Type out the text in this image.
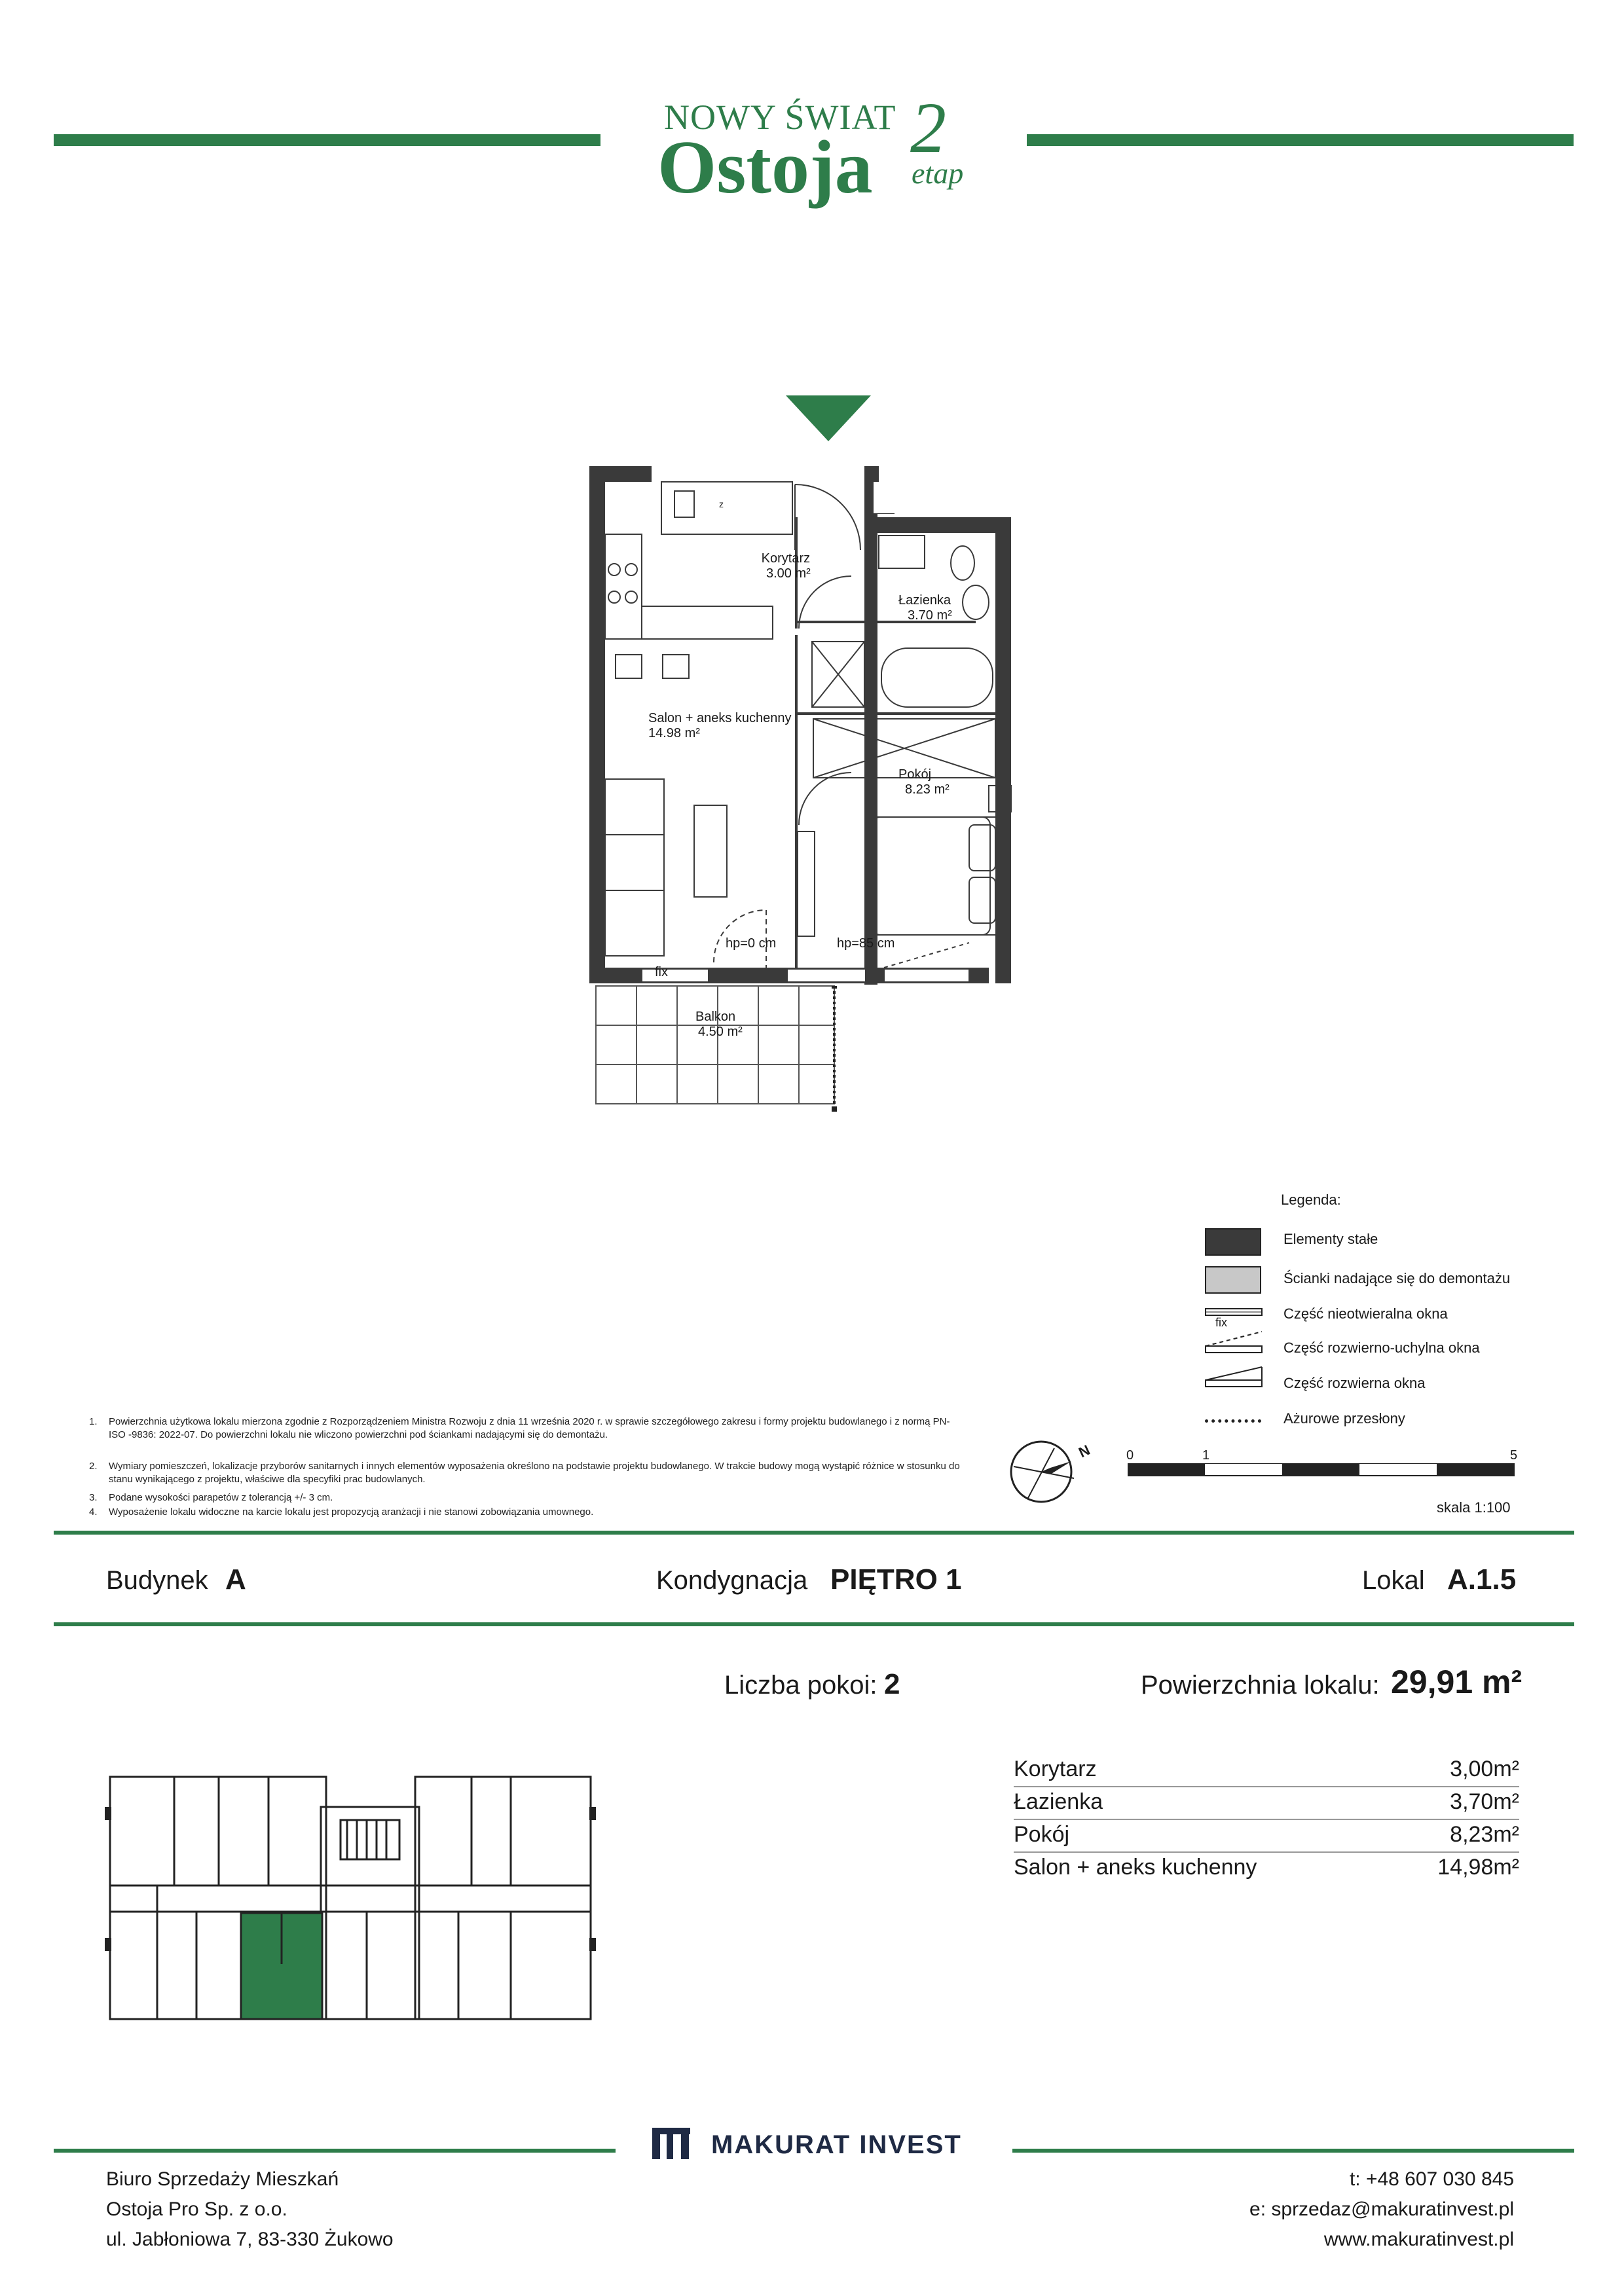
NOWY ŚWIAT
Ostoja 2
etap
Korytarz
3.00 m²
Łazienka
3.70 m²
Salon + aneks kuchenny
14.98 m²
Pokój
8.23 m²
Balkon
4.50 m²
hp=0 cm	hp=85 cm
fix
z
Legenda:
Elementy stałe
Ścianki nadające się do demontażu
fix
Część nieotwieralna okna
Część rozwierno-uchylna okna
Część rozwierna okna
Ażurowe przesłony
1. Powierzchnia użytkowa lokalu mierzona zgodnie z Rozporządzeniem Ministra Rozwoju z dnia 11 września 2020 r. w sprawie szczegółowego zakresu i formy projektu budowlanego i z normą PN-ISO -9836: 2022-07. Do powierzchni lokalu nie wliczono powierzchni pod ściankami nadającymi się do demontażu.
2. Wymiary pomieszczeń, lokalizacje przyborów sanitarnych i innych elementów wyposażenia określono na podstawie projektu budowlanego. W trakcie budowy mogą wystąpić różnice w stosunku do stanu wynikającego z projektu, właściwe dla specyfiki prac budowlanych.
3. Podane wysokości parapetów z tolerancją +/- 3 cm.
4. Wyposażenie lokalu widoczne na karcie lokalu jest propozycją aranżacji i nie stanowi zobowiązania umownego.
N	0	1	5
skala 1:100
Budynek A	Kondygnacja PIĘTRO 1	Lokal A.1.5
Liczba pokoi: 2	Powierzchnia lokalu: 29,91 m²
Korytarz	3,00m²
Łazienka	3,70m²
Pokój	8,23m²
Salon + aneks kuchenny	14,98m²
MAKURAT INVEST
Biuro Sprzedaży Mieszkań
Ostoja Pro Sp. z o.o.
ul. Jabłoniowa 7, 83-330 Żukowo
t: +48 607 030 845
e: sprzedaz@makuratinvest.pl
www.makuratinvest.pl
